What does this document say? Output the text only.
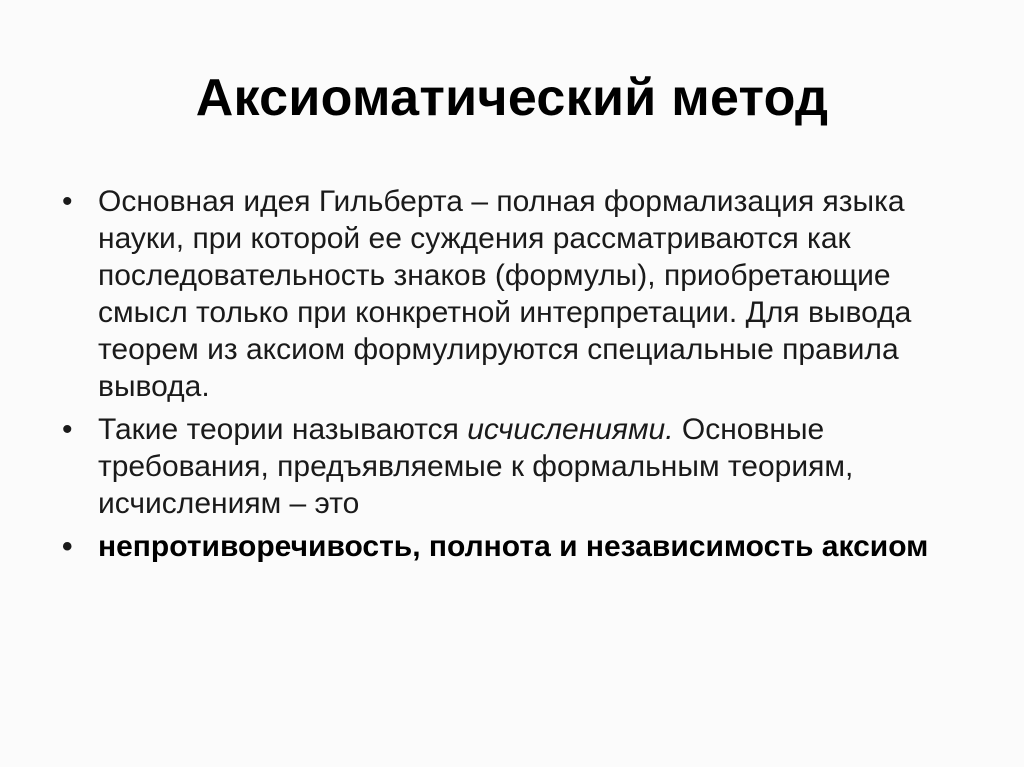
Аксиоматический метод
• Основная идея Гильберта – полная формализация языка науки, при которой ее суждения рассматриваются как последовательность знаков (формулы), приобретающие смысл только при конкретной интерпретации. Для вывода теорем из аксиом формулируются специальные правила вывода.
• Такие теории называются исчислениями. Основные требования, предъявляемые к формальным теориям, исчислениям – это
• непротиворечивость, полнота и независимость аксиом
